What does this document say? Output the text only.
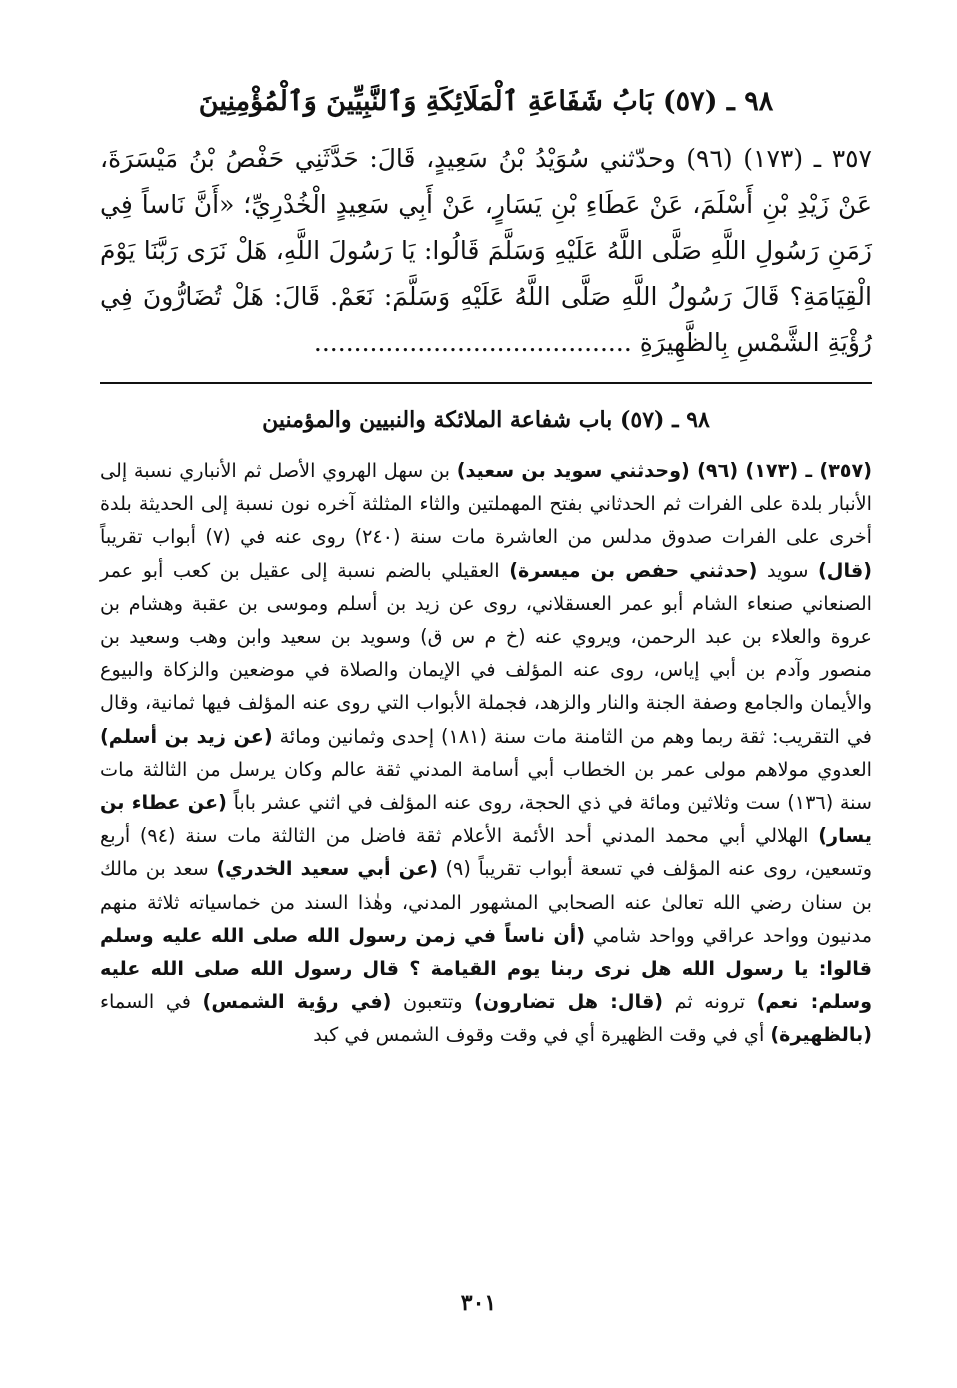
٩٨ ـ (٥٧) بَابُ شَفَاعَةِ ٱلْمَلَائِكَةِ وَٱلنَّبِيِّينَ وَٱلْمُؤْمِنِينَ

٣٥٧ ـ (١٧٣) (٩٦) وحدّثني سُوَيْدُ بْنُ سَعِيدٍ، قَالَ: حَدَّثَنِي حَفْصُ بْنُ مَيْسَرَةَ، عَنْ زَيْدِ بْنِ أَسْلَمَ، عَنْ عَطَاءِ بْنِ يَسَارٍ، عَنْ أَبِي سَعِيدٍ الْخُدْرِيِّ؛ «أَنَّ نَاساً فِي زَمَنِ رَسُولِ اللَّهِ صَلَّى اللَّهُ عَلَيْهِ وَسَلَّمَ قَالُوا: يَا رَسُولَ اللَّهِ، هَلْ نَرَى رَبَّنَا يَوْمَ الْقِيَامَةِ؟ قَالَ رَسُولُ اللَّهِ صَلَّى اللَّهُ عَلَيْهِ وَسَلَّمَ: نَعَمْ. قَالَ: هَلْ تُضَارُّونَ فِي رُؤْيَةِ الشَّمْسِ بِالظَّهِيرَةِ ........................................

٩٨ ـ (٥٧) باب شفاعة الملائكة والنبيين والمؤمنين

(٣٥٧) ـ (١٧٣) (٩٦) (وحدثني سويد بن سعيد) بن سهل الهروي الأصل ثم الأنباري نسبة إلى الأنبار بلدة على الفرات ثم الحدثاني بفتح المهملتين والثاء المثلثة آخره نون نسبة إلى الحديثة بلدة أخرى على الفرات صدوق مدلس من العاشرة مات سنة (٢٤٠) روى عنه في (٧) أبواب تقريباً (قال) سويد (حدثني حفص بن ميسرة) العقيلي بالضم نسبة إلى عقيل بن كعب أبو عمر الصنعاني صنعاء الشام أبو عمر العسقلاني، روى عن زيد بن أسلم وموسى بن عقبة وهشام بن عروة والعلاء بن عبد الرحمن، ويروي عنه (خ م س ق) وسويد بن سعيد وابن وهب وسعيد بن منصور وآدم بن أبي إياس، روى عنه المؤلف في الإيمان والصلاة في موضعين والزكاة والبيوع والأيمان والجامع وصفة الجنة والنار والزهد، فجملة الأبواب التي روى عنه المؤلف فيها ثمانية، وقال في التقريب: ثقة ربما وهم من الثامنة مات سنة (١٨١) إحدى وثمانين ومائة (عن زيد بن أسلم) العدوي مولاهم مولى عمر بن الخطاب أبي أسامة المدني ثقة عالم وكان يرسل من الثالثة مات سنة (١٣٦) ست وثلاثين ومائة في ذي الحجة، روى عنه المؤلف في اثني عشر باباً (عن عطاء بن يسار) الهلالي أبي محمد المدني أحد الأئمة الأعلام ثقة فاضل من الثالثة مات سنة (٩٤) أربع وتسعين، روى عنه المؤلف في تسعة أبواب تقريباً (٩) (عن أبي سعيد الخدري) سعد بن مالك بن سنان رضي الله تعالىٰ عنه الصحابي المشهور المدني، وهٰذا السند من خماسياته ثلاثة منهم مدنيون وواحد عراقي وواحد شامي (أن ناساً في زمن رسول الله صلى الله عليه وسلم قالوا: يا رسول الله هل نرى ربنا يوم القيامة ؟ قال رسول الله صلى الله عليه وسلم: نعم) ترونه ثم (قال: هل تضارون) وتتعبون (في رؤية الشمس) في السماء (بالظهيرة) أي في وقت الظهيرة أي في وقت وقوف الشمس في كبد

٣٠١
